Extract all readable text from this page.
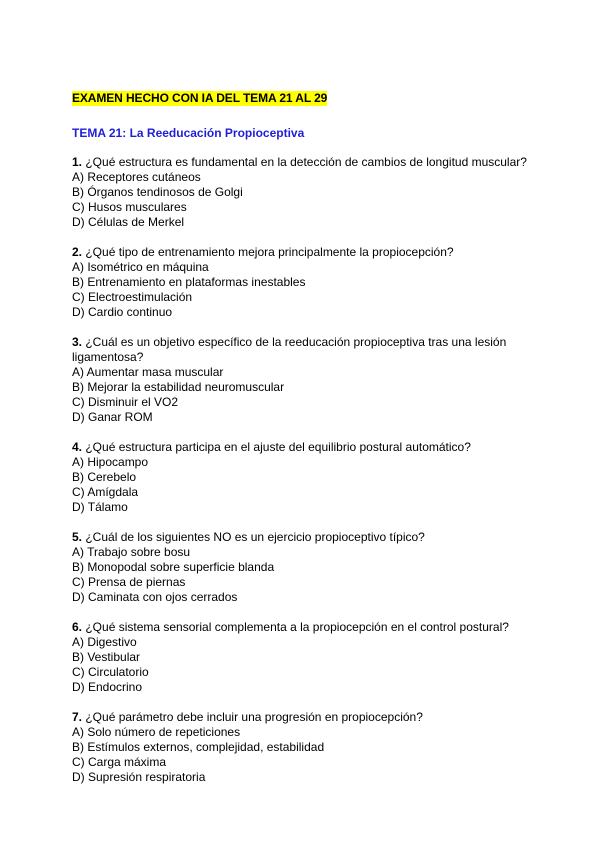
EXAMEN HECHO CON IA DEL TEMA 21 AL 29
TEMA 21: La Reeducación Propioceptiva

1. ¿Qué estructura es fundamental en la detección de cambios de longitud muscular?

A) Receptores cutáneos
B) Órganos tendinosos de Golgi
C) Husos musculares
D) Células de Merkel

2. ¿Qué tipo de entrenamiento mejora principalmente la propiocepción?

A) Isométrico en máquina
B) Entrenamiento en plataformas inestables
C) Electroestimulación
D) Cardio continuo

3. ¿Cuál es un objetivo específico de la reeducación propioceptiva tras una lesión ligamentosa?

A) Aumentar masa muscular
B) Mejorar la estabilidad neuromuscular
C) Disminuir el VO2
D) Ganar ROM

4. ¿Qué estructura participa en el ajuste del equilibrio postural automático?

A) Hipocampo
B) Cerebelo
C) Amígdala
D) Tálamo

5. ¿Cuál de los siguientes NO es un ejercicio propioceptivo típico?

A) Trabajo sobre bosu
B) Monopodal sobre superficie blanda
C) Prensa de piernas
D) Caminata con ojos cerrados

6. ¿Qué sistema sensorial complementa a la propiocepción en el control postural?

A) Digestivo
B) Vestibular
C) Circulatorio
D) Endocrino

7. ¿Qué parámetro debe incluir una progresión en propiocepción?

A) Solo número de repeticiones
B) Estímulos externos, complejidad, estabilidad
C) Carga máxima
D) Supresión respiratoria
